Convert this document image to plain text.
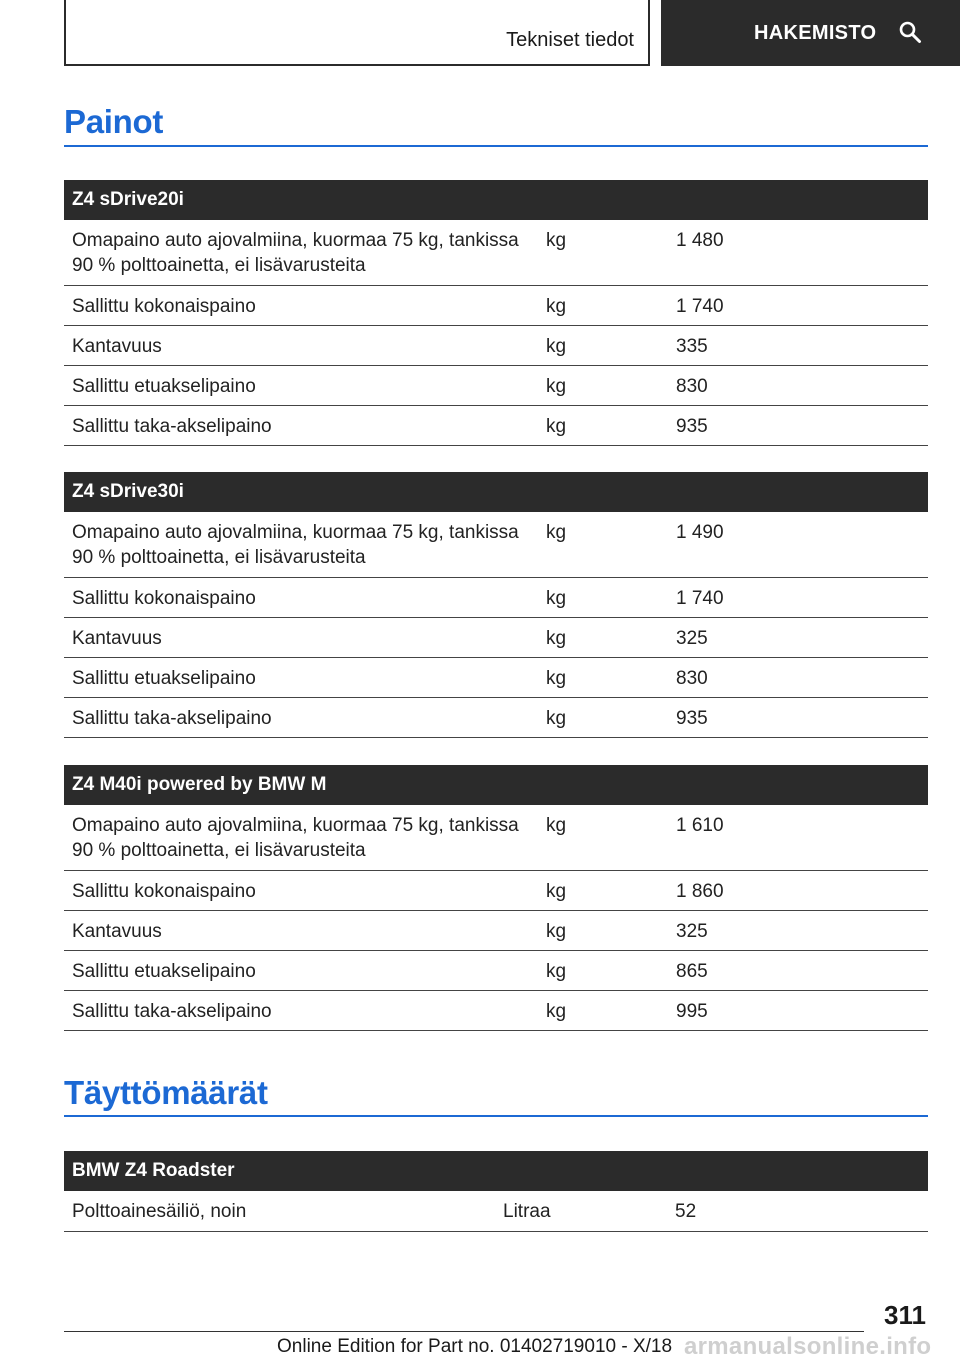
Tekniset tiedot	HAKEMISTO
Painot
Z4 sDrive20i		
Omapaino auto ajovalmiina, kuormaa 75 kg, tankissa 90 % polttoainetta, ei lisävarusteita	kg	1 480
Sallittu kokonaispaino	kg	1 740
Kantavuus	kg	335
Sallittu etuakselipaino	kg	830
Sallittu taka-akselipaino	kg	935
Z4 sDrive30i		
Omapaino auto ajovalmiina, kuormaa 75 kg, tankissa 90 % polttoainetta, ei lisävarusteita	kg	1 490
Sallittu kokonaispaino	kg	1 740
Kantavuus	kg	325
Sallittu etuakselipaino	kg	830
Sallittu taka-akselipaino	kg	935
Z4 M40i powered by BMW M		
Omapaino auto ajovalmiina, kuormaa 75 kg, tankissa 90 % polttoainetta, ei lisävarusteita	kg	1 610
Sallittu kokonaispaino	kg	1 860
Kantavuus	kg	325
Sallittu etuakselipaino	kg	865
Sallittu taka-akselipaino	kg	995
Täyttömäärät
BMW Z4 Roadster
Polttoainesäiliö, noin	Litraa	52
311
Online Edition for Part no. 01402719010 - X/18 armanualsonline.info
